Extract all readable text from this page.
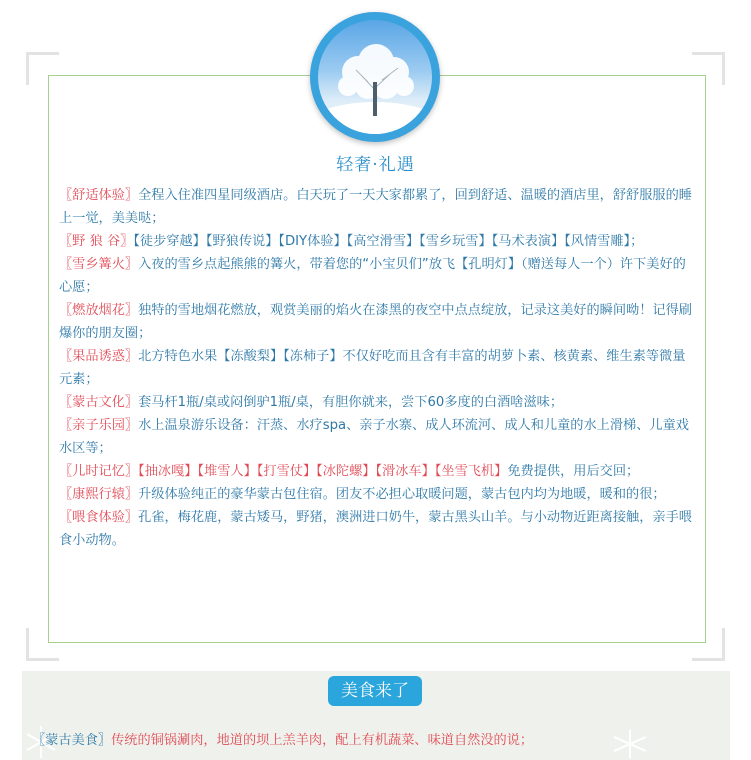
轻奢·礼遇

〖舒适体验〗全程入住准四星同级酒店。白天玩了一天大家都累了，回到舒适、温暖的酒店里，舒舒服服的睡上一觉，美美哒；

〖野 狼 谷〗【徒步穿越】【野狼传说】【DIY体验】【高空滑雪】【雪乡玩雪】【马术表演】【风情雪雕】；

〖雪乡篝火〗入夜的雪乡点起熊熊的篝火，带着您的“小宝贝们”放飞【孔明灯】（赠送每人一个）许下美好的心愿；

〖燃放烟花〗独特的雪地烟花燃放，观赏美丽的焰火在漆黑的夜空中点点绽放，记录这美好的瞬间呦！记得刷爆你的朋友圈；

〖果品诱惑〗北方特色水果【冻酸梨】【冻柿子】不仅好吃而且含有丰富的胡萝卜素、核黄素、维生素等微量元素；

〖蒙古文化〗套马杆1瓶/桌或闷倒驴1瓶/桌，有胆你就来，尝下60多度的白酒啥滋味；

〖亲子乐园〗水上温泉游乐设备：汗蒸、水疗spa、亲子水寨、成人环流河、成人和儿童的水上滑梯、儿童戏水区等；

〖儿时记忆〗【抽冰嘎】【堆雪人】【打雪仗】【冰陀螺】【滑冰车】【坐雪飞机】免费提供，用后交回；

〖康熙行辕〗升级体验纯正的豪华蒙古包住宿。团友不必担心取暖问题，蒙古包内均为地暖，暖和的很；

〖喂食体验〗孔雀，梅花鹿，蒙古矮马，野猪，澳洲进口奶牛，蒙古黑头山羊。与小动物近距离接触，亲手喂食小动物。

美食来了
〖蒙古美食〗传统的铜锅涮肉，地道的坝上羔羊肉，配上有机蔬菜、味道自然没的说；
